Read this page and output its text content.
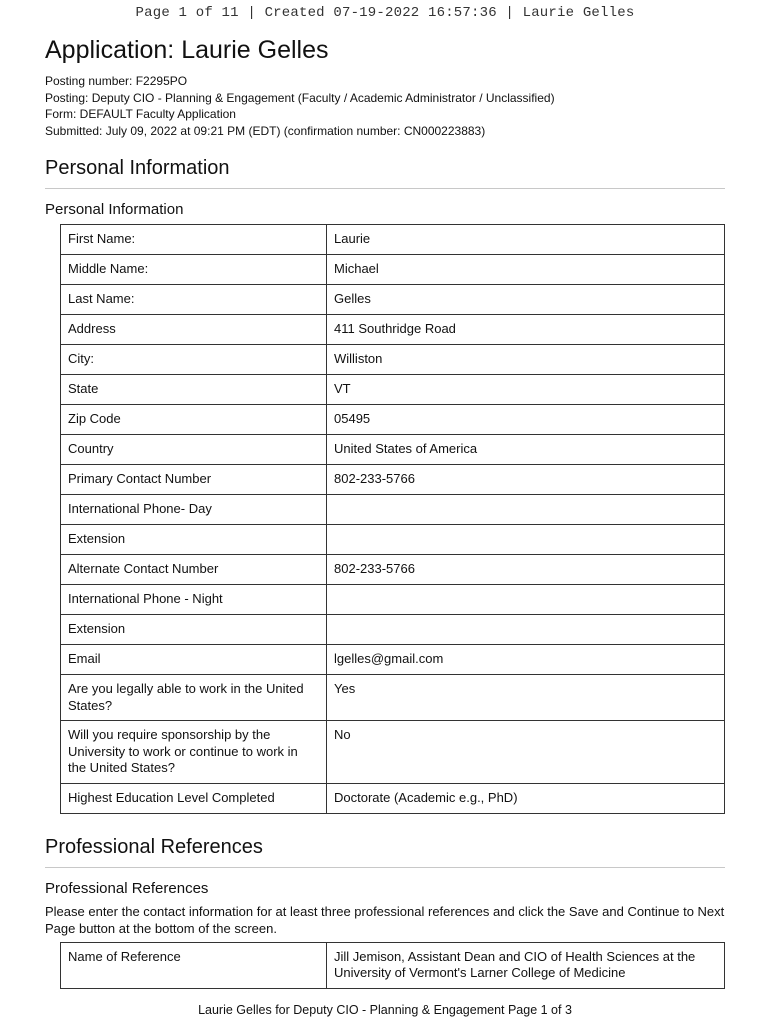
Page 1 of 11 | Created 07-19-2022 16:57:36 | Laurie Gelles
Application: Laurie Gelles
Posting number: F2295PO
Posting: Deputy CIO - Planning & Engagement (Faculty / Academic Administrator / Unclassified)
Form: DEFAULT Faculty Application
Submitted: July 09, 2022 at 09:21 PM (EDT) (confirmation number: CN000223883)
Personal Information
Personal Information
First Name:	Laurie
Middle Name:	Michael
Last Name:	Gelles
Address	411 Southridge Road
City:	Williston
State	VT
Zip Code	05495
Country	United States of America
Primary Contact Number	802-233-5766
International Phone- Day	
Extension	
Alternate Contact Number	802-233-5766
International Phone - Night	
Extension	
Email	lgelles@gmail.com
Are you legally able to work in the United States?	Yes
Will you require sponsorship by the University to work or continue to work in the United States?	No
Highest Education Level Completed	Doctorate (Academic e.g., PhD)
Professional References
Professional References

Please enter the contact information for at least three professional references and click the Save and Continue to Next Page button at the bottom of the screen.

Name of Reference	Jill Jemison, Assistant Dean and CIO of Health Sciences at the University of Vermont's Larner College of Medicine
Laurie Gelles for Deputy CIO - Planning & Engagement Page 1 of 3
